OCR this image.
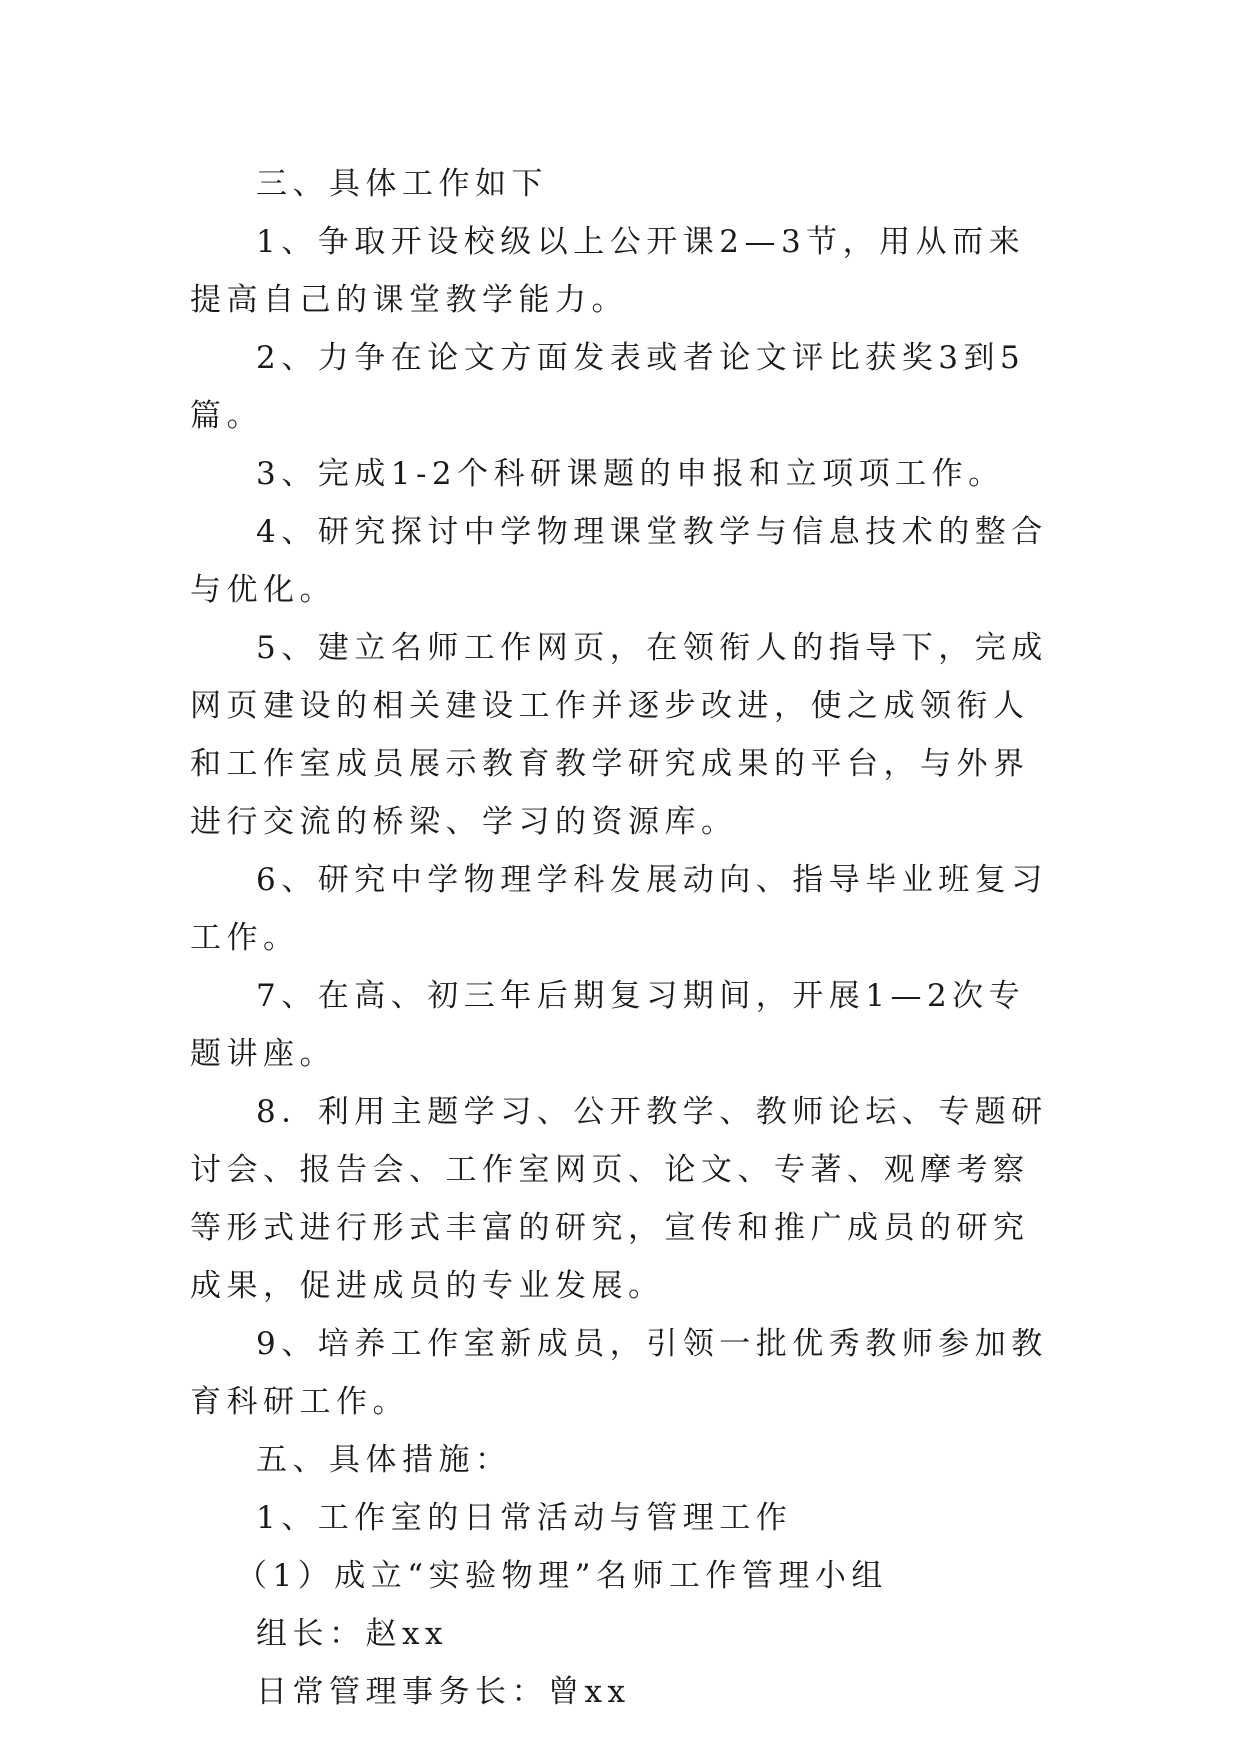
三、具体工作如下

1、争取开设校级以上公开课2—3节，用从而来提高自己的课堂教学能力。

2、力争在论文方面发表或者论文评比获奖3到5篇。

3、完成1-2个科研课题的申报和立项项工作。

4、研究探讨中学物理课堂教学与信息技术的整合与优化。

5、建立名师工作网页，在领衔人的指导下，完成网页建设的相关建设工作并逐步改进，使之成领衔人和工作室成员展示教育教学研究成果的平台，与外界进行交流的桥梁、学习的资源库。

6、研究中学物理学科发展动向、指导毕业班复习工作。

7、在高、初三年后期复习期间，开展1—2次专题讲座。

8．利用主题学习、公开教学、教师论坛、专题研讨会、报告会、工作室网页、论文、专著、观摩考察等形式进行形式丰富的研究，宣传和推广成员的研究成果，促进成员的专业发展。

9、培养工作室新成员，引领一批优秀教师参加教育科研工作。

五、具体措施：

1、工作室的日常活动与管理工作

（1）成立“实验物理”名师工作管理小组

组长：赵xx

日常管理事务长：曾xx
